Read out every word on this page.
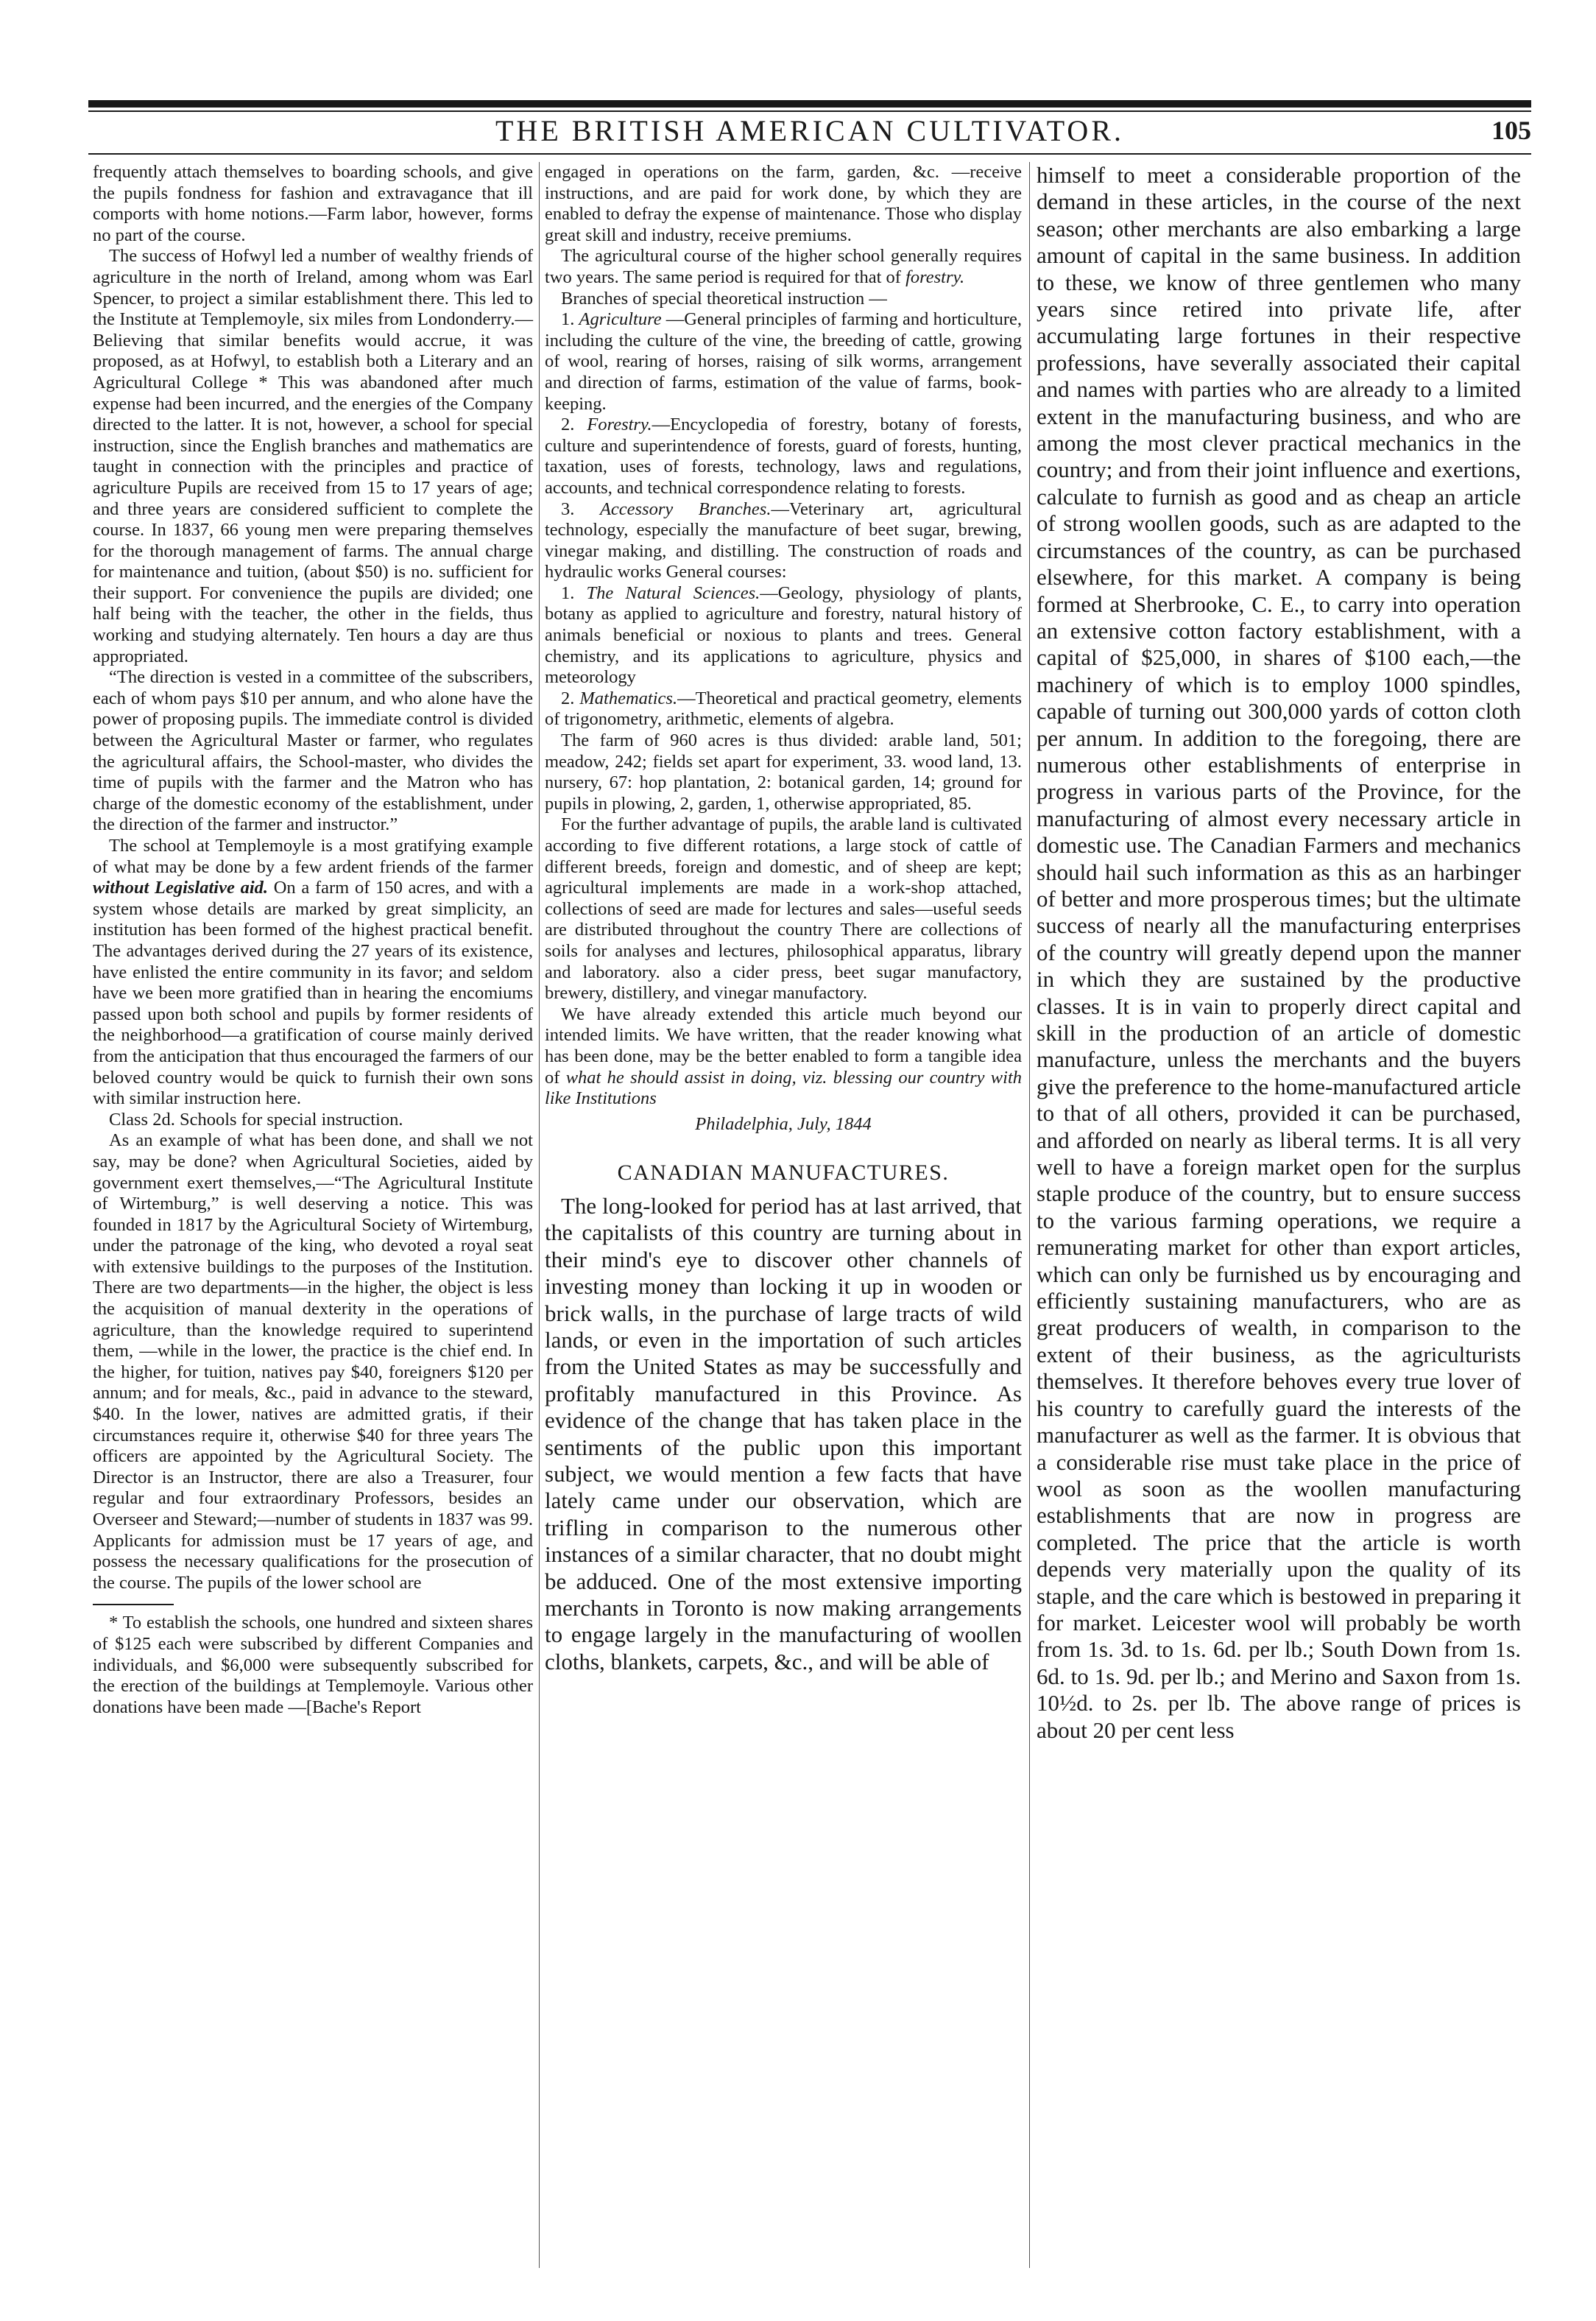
THE BRITISH AMERICAN CULTIVATOR.	105

frequently attach themselves to boarding schools, and give the pupils fondness for fashion and extravagance that ill comports with home notions.—Farm labor, however, forms no part of the course.

The success of Hofwyl led a number of wealthy friends of agriculture in the north of Ireland, among whom was Earl Spencer, to project a similar establishment there. This led to the Institute at Templemoyle, six miles from Londonderry.—Believing that similar benefits would accrue, it was proposed, as at Hofwyl, to establish both a Literary and an Agricultural College * This was abandoned after much expense had been incurred, and the energies of the Company directed to the latter. It is not, however, a school for special instruction, since the English branches and mathematics are taught in connection with the principles and practice of agriculture Pupils are received from 15 to 17 years of age; and three years are considered sufficient to complete the course. In 1837, 66 young men were preparing themselves for the thorough management of farms. The annual charge for maintenance and tuition, (about $50) is no. sufficient for their support. For convenience the pupils are divided; one half being with the teacher, the other in the fields, thus working and studying alternately. Ten hours a day are thus appropriated.

“The direction is vested in a committee of the subscribers, each of whom pays $10 per annum, and who alone have the power of proposing pupils. The immediate control is divided between the Agricultural Master or farmer, who regulates the agricultural affairs, the School-master, who divides the time of pupils with the farmer and the Matron who has charge of the domestic economy of the establishment, under the direction of the farmer and instructor.”

The school at Templemoyle is a most gratifying example of what may be done by a few ardent friends of the farmer without Legislative aid. On a farm of 150 acres, and with a system whose details are marked by great simplicity, an institution has been formed of the highest practical benefit. The advantages derived during the 27 years of its existence, have enlisted the entire community in its favor; and seldom have we been more gratified than in hearing the encomiums passed upon both school and pupils by former residents of the neighborhood—a gratification of course mainly derived from the anticipation that thus encouraged the farmers of our beloved country would be quick to furnish their own sons with similar instruction here.

Class 2d. Schools for special instruction.

As an example of what has been done, and shall we not say, may be done? when Agricultural Societies, aided by government exert themselves,—“The Agricultural Institute of Wirtemburg,” is well deserving a notice. This was founded in 1817 by the Agricultural Society of Wirtemburg, under the patronage of the king, who devoted a royal seat with extensive buildings to the purposes of the Institution. There are two departments—in the higher, the object is less the acquisition of manual dexterity in the operations of agriculture, than the knowledge required to superintend them, —while in the lower, the practice is the chief end. In the higher, for tuition, natives pay $40, foreigners $120 per annum; and for meals, &c., paid in advance to the steward, $40. In the lower, natives are admitted gratis, if their circumstances require it, otherwise $40 for three years The officers are appointed by the Agricultural Society. The Director is an Instructor, there are also a Treasurer, four regular and four extraordinary Professors, besides an Overseer and Steward;—number of students in 1837 was 99. Applicants for admission must be 17 years of age, and possess the necessary qualifications for the prosecution of the course. The pupils of the lower school are

* To establish the schools, one hundred and sixteen shares of $125 each were subscribed by different Companies and individuals, and $6,000 were subsequently subscribed for the erection of the buildings at Templemoyle. Various other donations have been made —[Bache's Report

engaged in operations on the farm, garden, &c. —receive instructions, and are paid for work done, by which they are enabled to defray the expense of maintenance. Those who display great skill and industry, receive premiums.

The agricultural course of the higher school generally requires two years. The same period is required for that of forestry.

Branches of special theoretical instruction —

1. Agriculture —General principles of farming and horticulture, including the culture of the vine, the breeding of cattle, growing of wool, rearing of horses, raising of silk worms, arrangement and direction of farms, estimation of the value of farms, book-keeping.

2. Forestry.—Encyclopedia of forestry, botany of forests, culture and superintendence of forests, guard of forests, hunting, taxation, uses of forests, technology, laws and regulations, accounts, and technical correspondence relating to forests.

3. Accessory Branches.—Veterinary art, agricultural technology, especially the manufacture of beet sugar, brewing, vinegar making, and distilling. The construction of roads and hydraulic works General courses:

1. The Natural Sciences.—Geology, physiology of plants, botany as applied to agriculture and forestry, natural history of animals beneficial or noxious to plants and trees. General chemistry, and its applications to agriculture, physics and meteorology

2. Mathematics.—Theoretical and practical geometry, elements of trigonometry, arithmetic, elements of algebra.

The farm of 960 acres is thus divided: arable land, 501; meadow, 242; fields set apart for experiment, 33. wood land, 13. nursery, 67: hop plantation, 2: botanical garden, 14; ground for pupils in plowing, 2, garden, 1, otherwise appropriated, 85.

For the further advantage of pupils, the arable land is cultivated according to five different rotations, a large stock of cattle of different breeds, foreign and domestic, and of sheep are kept; agricultural implements are made in a work-shop attached, collections of seed are made for lectures and sales—useful seeds are distributed throughout the country There are collections of soils for analyses and lectures, philosophical apparatus, library and laboratory. also a cider press, beet sugar manufactory, brewery, distillery, and vinegar manufactory.

We have already extended this article much beyond our intended limits. We have written, that the reader knowing what has been done, may be the better enabled to form a tangible idea of what he should assist in doing, viz. blessing our country with like Institutions

Philadelphia, July, 1844

CANADIAN MANUFACTURES.

The long-looked for period has at last arrived, that the capitalists of this country are turning about in their mind's eye to discover other channels of investing money than locking it up in wooden or brick walls, in the purchase of large tracts of wild lands, or even in the importation of such articles from the United States as may be successfully and profitably manufactured in this Province. As evidence of the change that has taken place in the sentiments of the public upon this important subject, we would mention a few facts that have lately came under our observation, which are trifling in comparison to the numerous other instances of a similar character, that no doubt might be adduced. One of the most extensive importing merchants in Toronto is now making arrangements to engage largely in the manufacturing of woollen cloths, blankets, carpets, &c., and will be able of

himself to meet a considerable proportion of the demand in these articles, in the course of the next season; other merchants are also embarking a large amount of capital in the same business. In addition to these, we know of three gentlemen who many years since retired into private life, after accumulating large fortunes in their respective professions, have severally associated their capital and names with parties who are already to a limited extent in the manufacturing business, and who are among the most clever practical mechanics in the country; and from their joint influence and exertions, calculate to furnish as good and as cheap an article of strong woollen goods, such as are adapted to the circumstances of the country, as can be purchased elsewhere, for this market. A company is being formed at Sherbrooke, C. E., to carry into operation an extensive cotton factory establishment, with a capital of $25,000, in shares of $100 each,—the machinery of which is to employ 1000 spindles, capable of turning out 300,000 yards of cotton cloth per annum. In addition to the foregoing, there are numerous other establishments of enterprise in progress in various parts of the Province, for the manufacturing of almost every necessary article in domestic use. The Canadian Farmers and mechanics should hail such information as this as an harbinger of better and more prosperous times; but the ultimate success of nearly all the manufacturing enterprises of the country will greatly depend upon the manner in which they are sustained by the productive classes. It is in vain to properly direct capital and skill in the production of an article of domestic manufacture, unless the merchants and the buyers give the preference to the home-manufactured article to that of all others, provided it can be purchased, and afforded on nearly as liberal terms. It is all very well to have a foreign market open for the surplus staple produce of the country, but to ensure success to the various farming operations, we require a remunerating market for other than export articles, which can only be furnished us by encouraging and efficiently sustaining manufacturers, who are as great producers of wealth, in comparison to the extent of their business, as the agriculturists themselves. It therefore behoves every true lover of his country to carefully guard the interests of the manufacturer as well as the farmer. It is obvious that a considerable rise must take place in the price of wool as soon as the woollen manufacturing establishments that are now in progress are completed. The price that the article is worth depends very materially upon the quality of its staple, and the care which is bestowed in preparing it for market. Leicester wool will probably be worth from 1s. 3d. to 1s. 6d. per lb.; South Down from 1s. 6d. to 1s. 9d. per lb.; and Merino and Saxon from 1s. 10½d. to 2s. per lb. The above range of prices is about 20 per cent less
